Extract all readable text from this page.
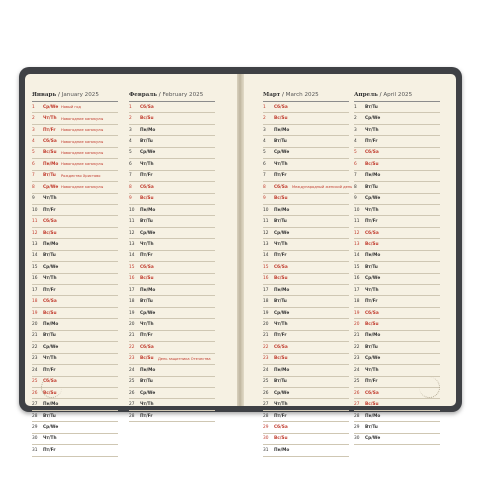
Январь / January 2025
1	Ср/We Новый год
2	Чт/Th	Новогодние каникулы
3	Пт/Fr	Новогодние каникулы
4	Сб/Sa	Новогодние каникулы
5	Вс/Su	Новогодние каникулы
6	Пн/Mo Новогодние каникулы
7	Вт/Tu	Рождество Христово
8	Ср/We Новогодние каникулы
9	Чт/Th
10	Пт/Fr
11	Сб/Sa
12	Вс/Su
13	Пн/Mo
14	Вт/Tu
15	Ср/We
16	Чт/Th
17	Пт/Fr
18	Сб/Sa
19	Вс/Su
20	Пн/Mo
21	Вт/Tu
22	Ср/We
23	Чт/Th
24	Пт/Fr
25	Сб/Sa
26	Вс/Su
27	Пн/Mo
28	Вт/Tu
29	Ср/We
30	Чт/Th
31	Пт/Fr
Февраль / February 2025
1	Сб/Sa
2	Вс/Su
3	Пн/Mo
4	Вт/Tu
5	Ср/We
6	Чт/Th
7	Пт/Fr
8	Сб/Sa
9	Вс/Su
10	Пн/Mo
11	Вт/Tu
12	Ср/We
13	Чт/Th
14	Пт/Fr
15	Сб/Sa
16	Вс/Su
17	Пн/Mo
18	Вт/Tu
19	Ср/We
20	Чт/Th
21	Пт/Fr
22	Сб/Sa
23	Вс/Su	День защитника Отечества
24	Пн/Mo
25	Вт/Tu
26	Ср/We
27	Чт/Th
28	Пт/Fr
Март / March 2025
1	Сб/Sa
2	Вс/Su
3	Пн/Mo
4	Вт/Tu
5	Ср/We
6	Чт/Th
7	Пт/Fr
8	Сб/Sa	Международный женский день
9	Вс/Su
10	Пн/Mo
11	Вт/Tu
12	Ср/We
13	Чт/Th
14	Пт/Fr
15	Сб/Sa
16	Вс/Su
17	Пн/Mo
18	Вт/Tu
19	Ср/We
20	Чт/Th
21	Пт/Fr
22	Сб/Sa
23	Вс/Su
24	Пн/Mo
25	Вт/Tu
26	Ср/We
27	Чт/Th
28	Пт/Fr
29	Сб/Sa
30	Вс/Su
31	Пн/Mo
Апрель / April 2025
1	Вт/Tu
2	Ср/We
3	Чт/Th
4	Пт/Fr
5	Сб/Sa
6	Вс/Su
7	Пн/Mo
8	Вт/Tu
9	Ср/We
10	Чт/Th
11	Пт/Fr
12	Сб/Sa
13	Вс/Su
14	Пн/Mo
15	Вт/Tu
16	Ср/We
17	Чт/Th
18	Пт/Fr
19	Сб/Sa
20	Вс/Su
21	Пн/Mo
22	Вт/Tu
23	Ср/We
24	Чт/Th
25	Пт/Fr
26	Сб/Sa
27	Вс/Su
28	Пн/Mo
29	Вт/Tu
30	Ср/We
